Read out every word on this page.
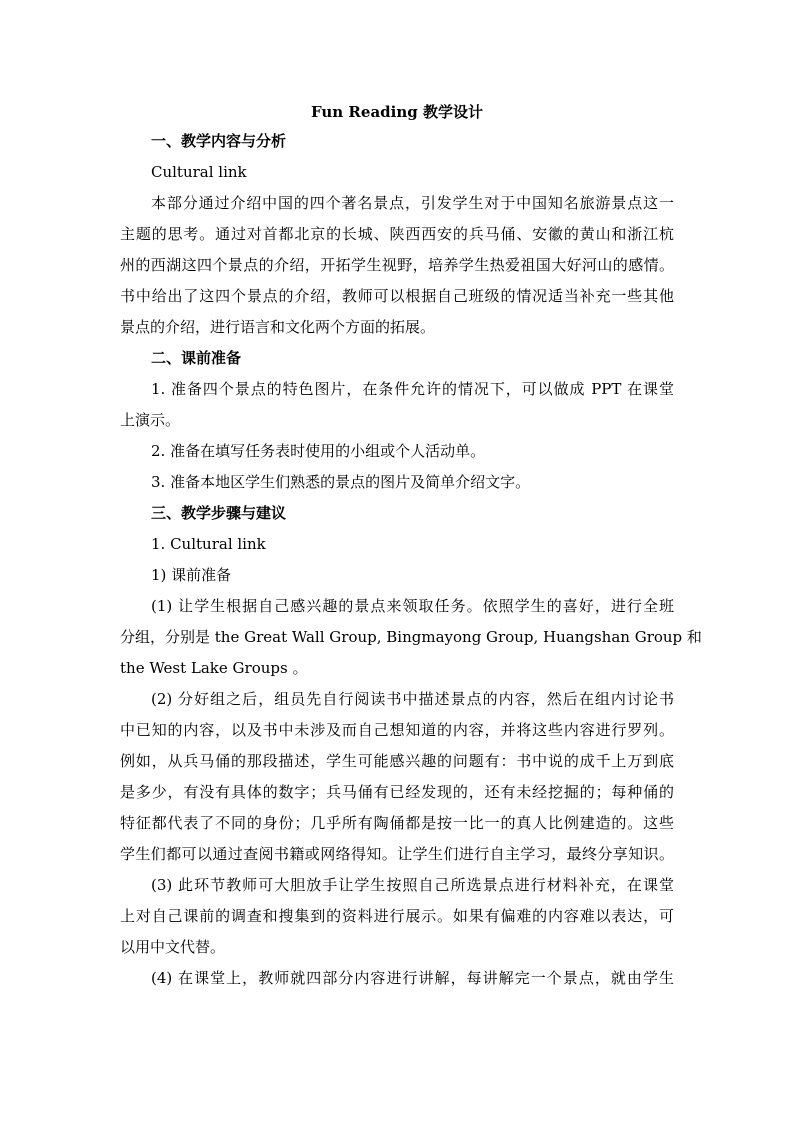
Fun Reading 教学设计

一、教学内容与分析

Cultural link

本部分通过介绍中国的四个著名景点，引发学生对于中国知名旅游景点这一

主题的思考。通过对首都北京的长城、陕西西安的兵马俑、安徽的黄山和浙江杭

州的西湖这四个景点的介绍，开拓学生视野，培养学生热爱祖国大好河山的感情。

书中给出了这四个景点的介绍，教师可以根据自己班级的情况适当补充一些其他

景点的介绍，进行语言和文化两个方面的拓展。

二、课前准备

1. 准备四个景点的特色图片，在条件允许的情况下，可以做成 PPT 在课堂

上演示。

2. 准备在填写任务表时使用的小组或个人活动单。

3. 准备本地区学生们熟悉的景点的图片及简单介绍文字。

三、教学步骤与建议

1. Cultural link

1) 课前准备

(1) 让学生根据自己感兴趣的景点来领取任务。依照学生的喜好，进行全班

分组，分别是 the Great Wall Group, Bingmayong Group, Huangshan Group 和

the West Lake Groups 。

(2) 分好组之后，组员先自行阅读书中描述景点的内容，然后在组内讨论书

中已知的内容，以及书中未涉及而自己想知道的内容，并将这些内容进行罗列。

例如，从兵马俑的那段描述，学生可能感兴趣的问题有：书中说的成千上万到底

是多少，有没有具体的数字；兵马俑有已经发现的，还有未经挖掘的；每种俑的

特征都代表了不同的身份；几乎所有陶俑都是按一比一的真人比例建造的。这些

学生们都可以通过查阅书籍或网络得知。让学生们进行自主学习，最终分享知识。

(3) 此环节教师可大胆放手让学生按照自己所选景点进行材料补充，在课堂

上对自己课前的调查和搜集到的资料进行展示。如果有偏难的内容难以表达，可

以用中文代替。

(4) 在课堂上，教师就四部分内容进行讲解，每讲解完一个景点，就由学生
